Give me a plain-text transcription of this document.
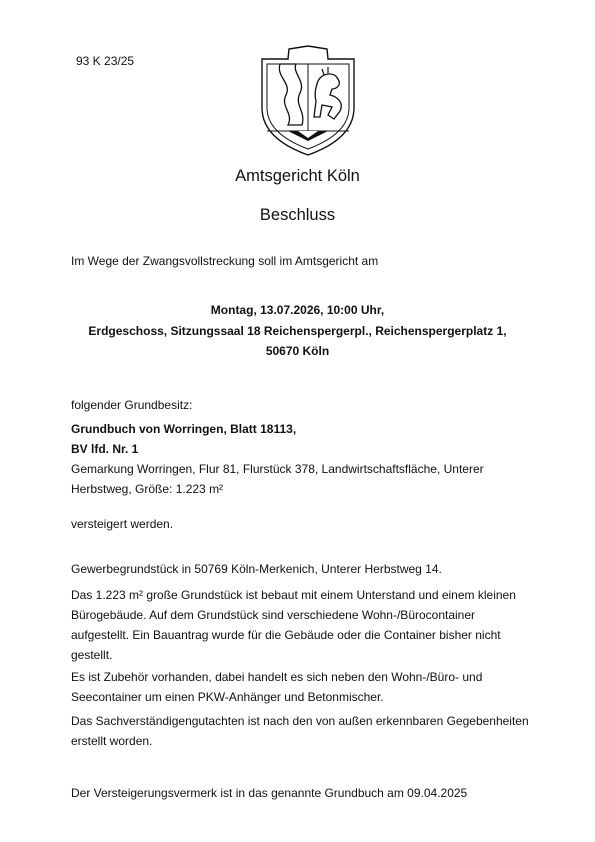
93 K 23/25
Amtsgericht Köln
Beschluss
Im Wege der Zwangsvollstreckung soll im Amtsgericht am
Montag, 13.07.2026, 10:00 Uhr,
Erdgeschoss, Sitzungssaal 18 Reichenspergerpl., Reichenspergerplatz 1,
50670 Köln
folgender Grundbesitz:
Grundbuch von Worringen, Blatt 18113,
BV lfd. Nr. 1
Gemarkung Worringen, Flur 81, Flurstück 378, Landwirtschaftsfläche, Unterer
Herbstweg, Größe: 1.223 m²
versteigert werden.
Gewerbegrundstück in 50769 Köln-Merkenich, Unterer Herbstweg 14.
Das 1.223 m² große Grundstück ist bebaut mit einem Unterstand und einem kleinen Bürogebäude. Auf dem Grundstück sind verschiedene Wohn-/Bürocontainer aufgestellt. Ein Bauantrag wurde für die Gebäude oder die Container bisher nicht gestellt.
Es ist Zubehör vorhanden, dabei handelt es sich neben den Wohn-/Büro- und Seecontainer um einen PKW-Anhänger und Betonmischer.
Das Sachverständigengutachten ist nach den von außen erkennbaren Gegebenheiten erstellt worden.
Der Versteigerungsvermerk ist in das genannte Grundbuch am 09.04.2025
